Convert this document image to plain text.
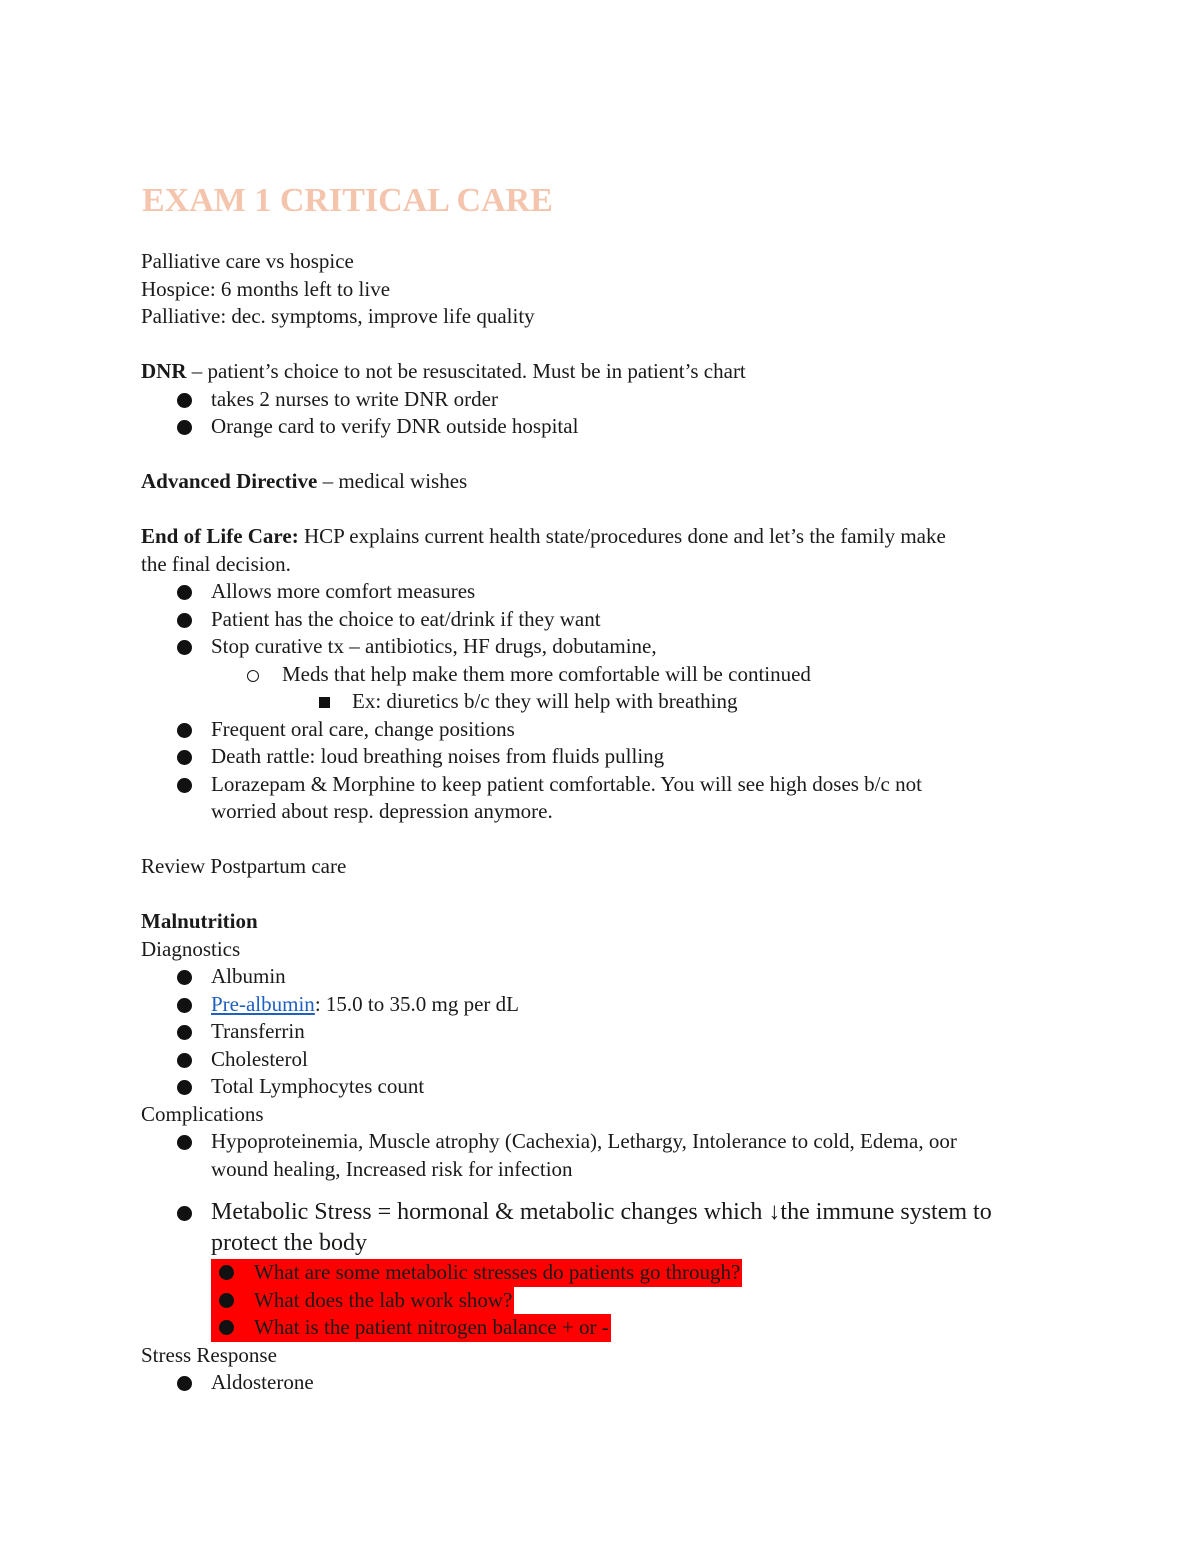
EXAM 1 CRITICAL CARE
Palliative care vs hospice
Hospice: 6 months left to live
Palliative: dec. symptoms, improve life quality
DNR – patient’s choice to not be resuscitated. Must be in patient’s chart
takes 2 nurses to write DNR order
Orange card to verify DNR outside hospital
Advanced Directive – medical wishes
End of Life Care: HCP explains current health state/procedures done and let’s the family make
the final decision.
Allows more comfort measures
Patient has the choice to eat/drink if they want
Stop curative tx – antibiotics, HF drugs, dobutamine,
Meds that help make them more comfortable will be continued
Ex: diuretics b/c they will help with breathing
Frequent oral care, change positions
Death rattle: loud breathing noises from fluids pulling
Lorazepam & Morphine to keep patient comfortable. You will see high doses b/c not
worried about resp. depression anymore.
Review Postpartum care
Malnutrition
Diagnostics
Albumin
Pre-albumin: 15.0 to 35.0 mg per dL
Transferrin
Cholesterol
Total Lymphocytes count
Complications
Hypoproteinemia, Muscle atrophy (Cachexia), Lethargy, Intolerance to cold, Edema, oor
wound healing, Increased risk for infection
Metabolic Stress = hormonal & metabolic changes which ↓the immune system to
protect the body
What are some metabolic stresses do patients go through?
What does the lab work show?
What is the patient nitrogen balance + or -
Stress Response
Aldosterone
